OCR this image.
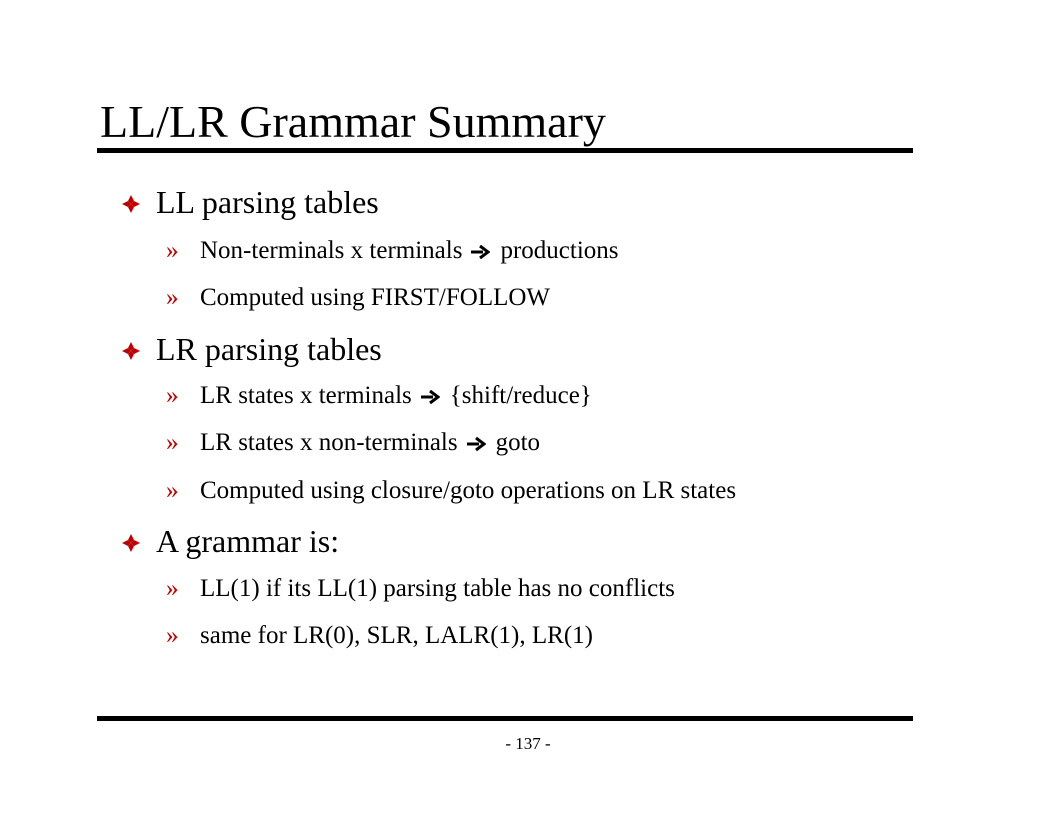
LL/LR Grammar Summary
LL parsing tables
» Non-terminals x terminals productions
» Computed using FIRST/FOLLOW
LR parsing tables
» LR states x terminals {shift/reduce}
» LR states x non-terminals goto
» Computed using closure/goto operations on LR states
A grammar is:
» LL(1) if its LL(1) parsing table has no conflicts
» same for LR(0), SLR, LALR(1), LR(1)
- 137 -
